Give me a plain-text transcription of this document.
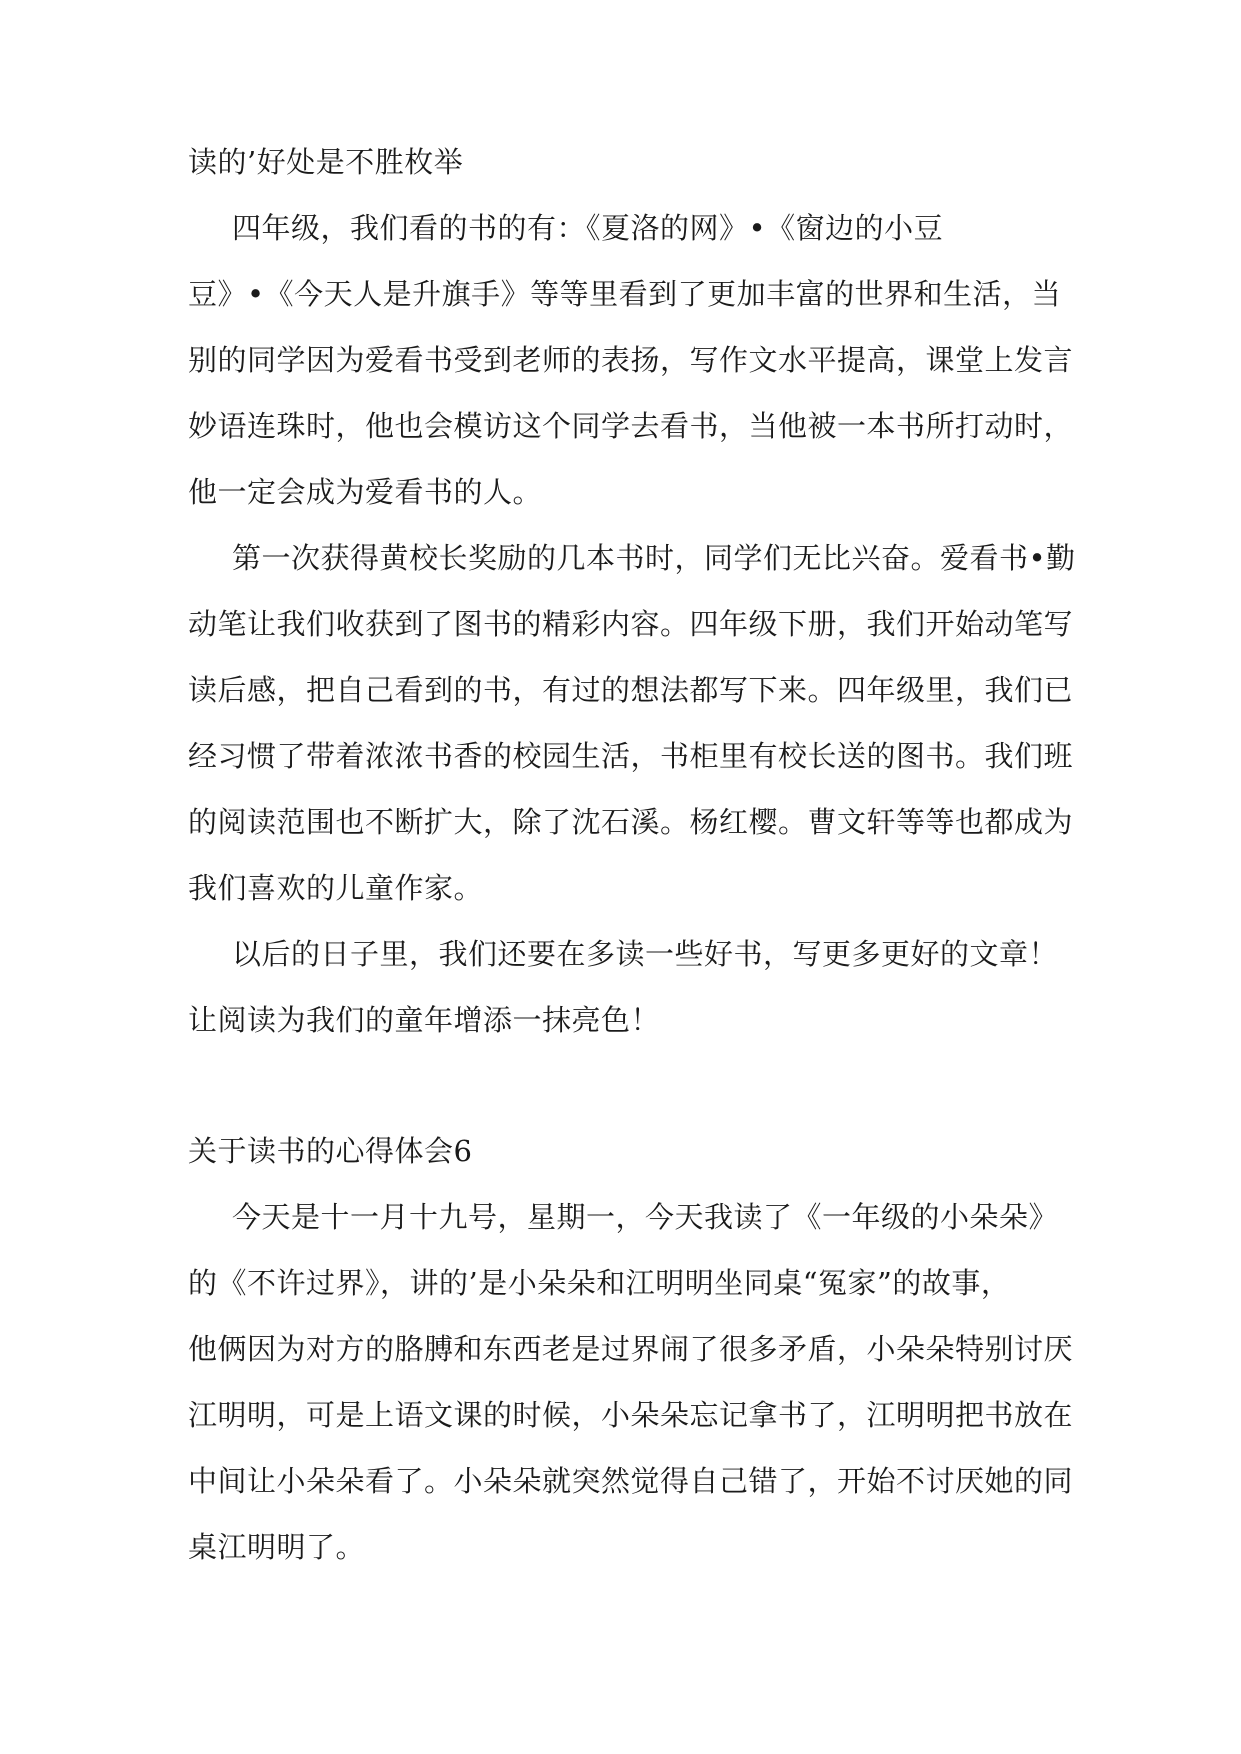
读的’好处是不胜枚举
四年级，我们看的书的有：《夏洛的网》•《窗边的小豆
豆》•《今天人是升旗手》等等里看到了更加丰富的世界和生活，当
别的同学因为爱看书受到老师的表扬，写作文水平提高，课堂上发言
妙语连珠时，他也会模访这个同学去看书，当他被一本书所打动时，
他一定会成为爱看书的人。
第一次获得黄校长奖励的几本书时，同学们无比兴奋。爱看书•勤
动笔让我们收获到了图书的精彩内容。四年级下册，我们开始动笔写
读后感，把自己看到的书，有过的想法都写下来。四年级里，我们已
经习惯了带着浓浓书香的校园生活，书柜里有校长送的图书。我们班
的阅读范围也不断扩大，除了沈石溪。杨红樱。曹文轩等等也都成为
我们喜欢的儿童作家。
以后的日子里，我们还要在多读一些好书，写更多更好的文章！
让阅读为我们的童年增添一抹亮色！
关于读书的心得体会6
今天是十一月十九号，星期一，今天我读了《一年级的小朵朵》
的《不许过界》，讲的’是小朵朵和江明明坐同桌“冤家”的故事，
他俩因为对方的胳膊和东西老是过界闹了很多矛盾，小朵朵特别讨厌
江明明，可是上语文课的时候，小朵朵忘记拿书了，江明明把书放在
中间让小朵朵看了。小朵朵就突然觉得自己错了，开始不讨厌她的同
桌江明明了。
